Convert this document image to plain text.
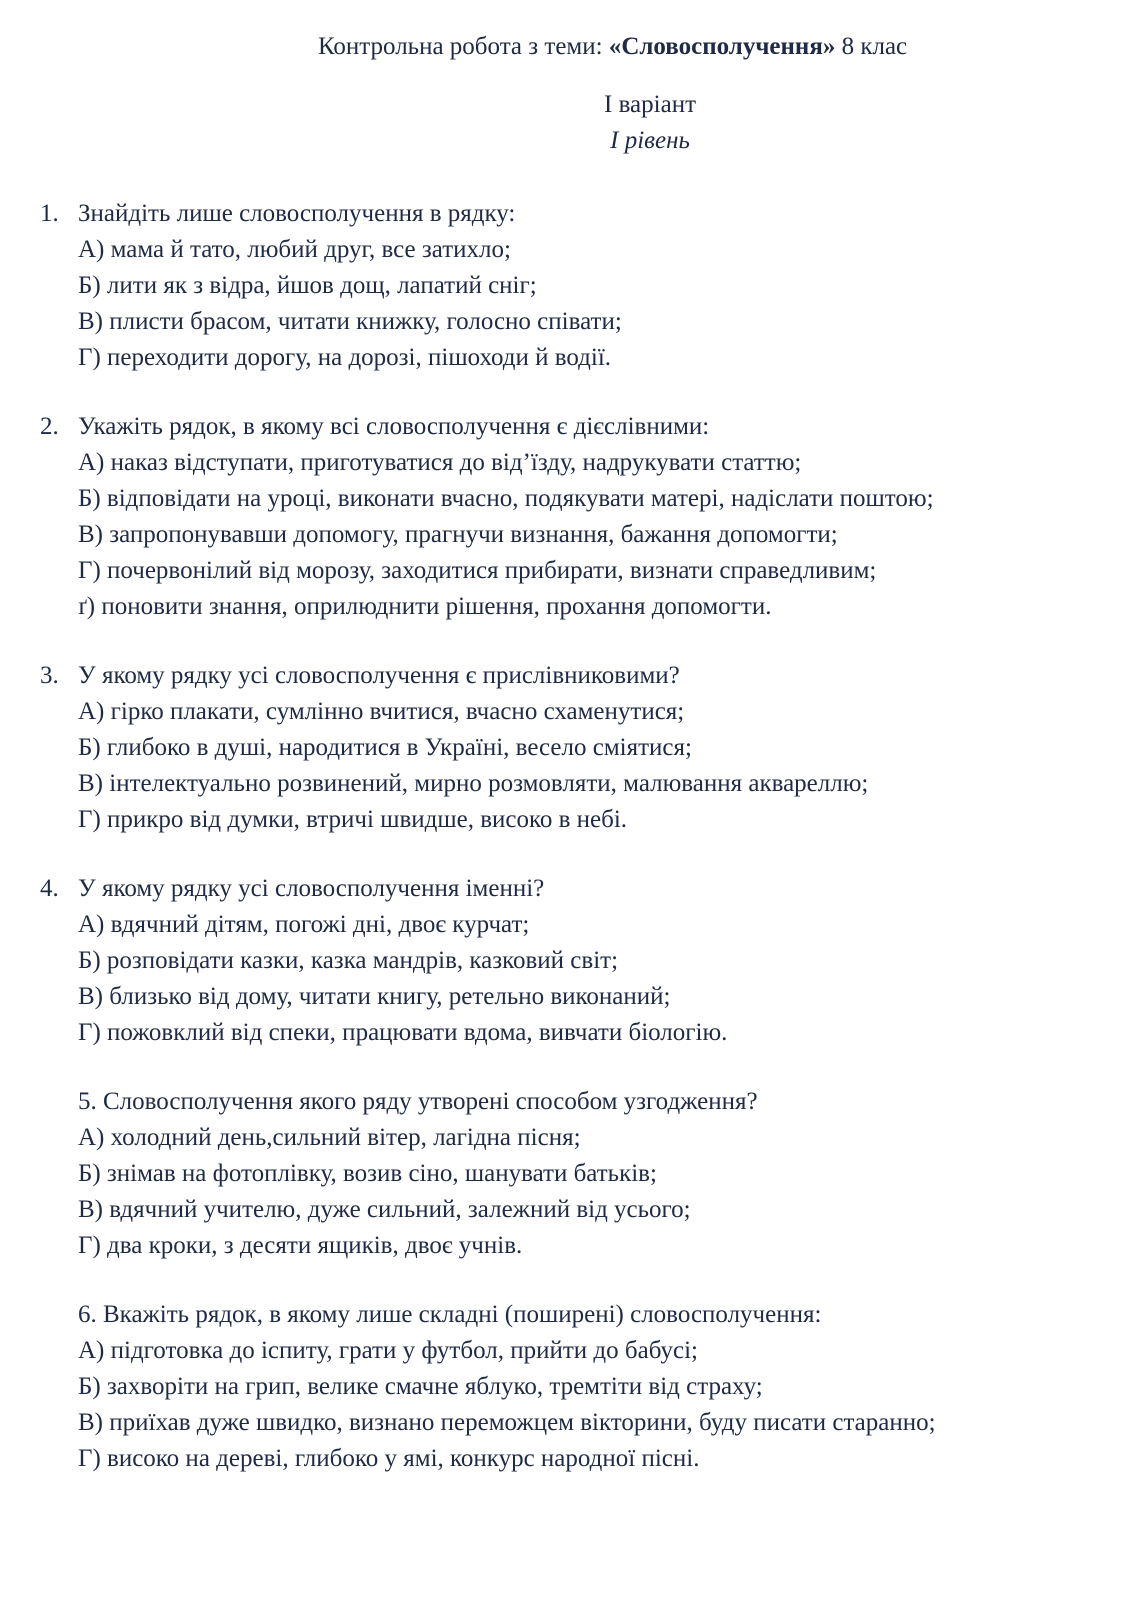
Контрольна робота з теми: «Словосполучення» 8 клас
І варіант
І рівень
1. Знайдіть лише словосполучення в рядку:
А) мама й тато, любий друг, все затихло;
Б) лити як з відра, йшов дощ, лапатий сніг;
В) плисти брасом, читати книжку, голосно співати;
Г) переходити дорогу, на дорозі, пішоходи й водії.
2. Укажіть рядок, в якому всі словосполучення є дієслівними:
А) наказ відступати, приготуватися до від’їзду, надрукувати статтю;
Б) відповідати на уроці, виконати вчасно, подякувати матері, надіслати поштою;
В) запропонувавши допомогу, прагнучи визнання, бажання допомогти;
Г) почервонілий від морозу, заходитися прибирати, визнати справедливим;
ґ) поновити знання, оприлюднити рішення, прохання допомогти.
3. У якому рядку усі словосполучення є прислівниковими?
А) гірко плакати, сумлінно вчитися, вчасно схаменутися;
Б) глибоко в душі, народитися в Україні, весело сміятися;
В) інтелектуально розвинений, мирно розмовляти, малювання аквареллю;
Г) прикро від думки, втричі швидше, високо в небі.
4. У якому рядку усі словосполучення іменні?
А) вдячний дітям, погожі дні, двоє курчат;
Б) розповідати казки, казка мандрів, казковий світ;
В) близько від дому, читати книгу, ретельно виконаний;
Г) пожовклий від спеки, працювати вдома, вивчати біологію.
5. Словосполучення якого ряду утворені способом узгодження?
А) холодний день,сильний вітер, лагідна пісня;
Б) знімав на фотоплівку, возив сіно, шанувати батьків;
В) вдячний учителю, дуже сильний, залежний від усього;
Г) два кроки, з десяти ящиків, двоє учнів.
6. Вкажіть рядок, в якому лише складні (поширені) словосполучення:
А) підготовка до іспиту, грати у футбол, прийти до бабусі;
Б) захворіти на грип, велике смачне яблуко, тремтіти від страху;
В) приїхав дуже швидко, визнано переможцем вікторини, буду писати старанно;
Г) високо на дереві, глибоко у ямі, конкурс народної пісні.
